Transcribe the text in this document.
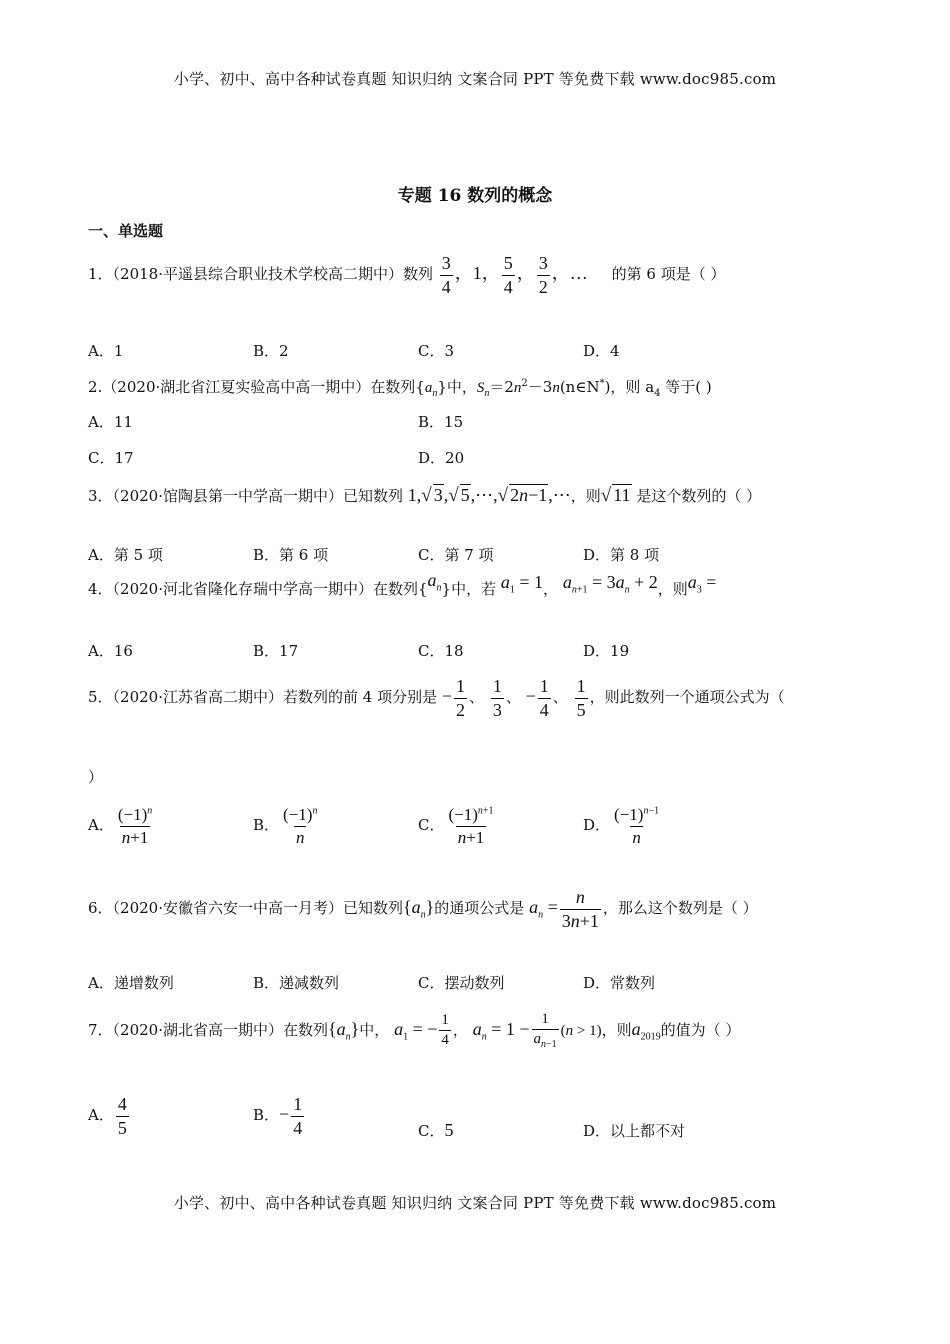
小学、初中、高中各种试卷真题 知识归纳 文案合同 PPT 等免费下载 www.doc985.com
专题 16 数列的概念
一、单选题
1．（2018·平遥县综合职业技术学校高二期中）数列 $\frac{3}{4}$ ，1， $\frac{5}{4}$ ， $\frac{3}{2}$ ，… 的第 6 项是（ ）
A．1	B．2	C．3	D．4
2.（2020·湖北省江夏实验高中高一期中）在数列$\{a_n\}$中，$S_n=2n^2-3n(n\in N^*)$，则 $a_4$ 等于( )
A．11	B．15
C．17	D．20
3．（2020·馆陶县第一中学高一期中）已知数列 1,√ 3,√ 5,⋯,√ 2n−1,⋯，则√ 11 是这个数列的（ ）
A．第 5 项	B．第 6 项	C．第 7 项	D．第 8 项
4．（2020·河北省隆化存瑞中学高一期中）在数列$\{a_n\}$中，若 $a_1 = 1$， $a_{n+1} = 3a_n + 2$，则$a_3$ =
A．16	B．17	C．18	D．19
5．（2020·江苏省高二期中）若数列的前 4 项分别是 − $\frac{1}{2}$ 、 $\frac{1}{3}$ 、 − $\frac{1}{4}$ 、 $\frac{1}{5}$ ，则此数列一个通项公式为（
）
A． $\frac{(-1)^n}{n+1}$	B． $\frac{(-1)^n}{n}$	C． $\frac{(-1)^{n+1}}{n+1}$	D． $\frac{(-1)^{n-1}}{n}$
6．（2020·安徽省六安一中高一月考）已知数列$\{a_n\}$的通项公式是 $a_n = \frac{n}{3n+1}$ ，那么这个数列是（ ）
A．递增数列	B．递减数列	C．摆动数列	D．常数列
7．（2020·湖北省高一期中）在数列$\{a_n\}$中， $a_1$ = − $\frac{1}{4}$ ， $a_n = 1 - \frac{1}{a_{n-1}} (n > 1)$，则$a_{2019}$的值为（ ）
A． $\frac{4}{5}$	B．− $\frac{1}{4}$	C．5	D．以上都不对
小学、初中、高中各种试卷真题 知识归纳 文案合同 PPT 等免费下载 www.doc985.com
